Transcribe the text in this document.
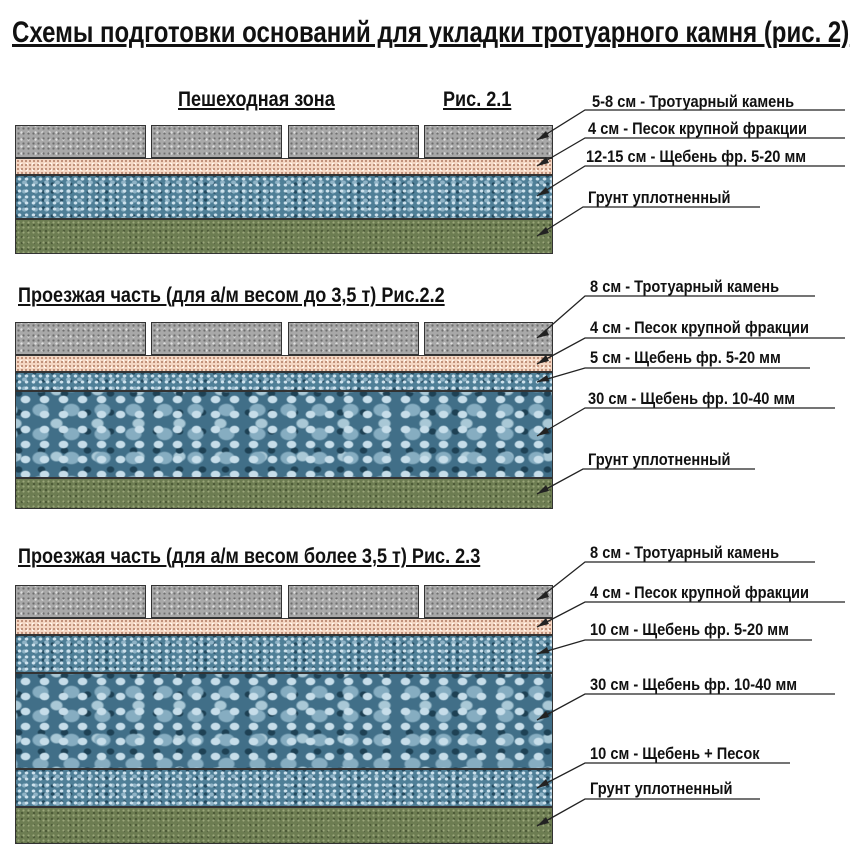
Схемы подготовки оснований для укладки тротуарного камня (рис. 2)
Пешеходная зона	Рис. 2.1	5-8 см - Тротуарный камень
4 см - Песок крупной фракции
12-15 см - Щебень фр. 5-20 мм
Грунт уплотненный
Проезжая часть (для а/м весом до 3,5 т) Рис.2.2	8 см - Тротуарный камень
4 см - Песок крупной фракции
5 см - Щебень фр. 5-20 мм
30 см - Щебень фр. 10-40 мм
Грунт уплотненный
Проезжая часть (для а/м весом более 3,5 т) Рис. 2.3	8 см - Тротуарный камень
4 см - Песок крупной фракции
10 см - Щебень фр. 5-20 мм
30 см - Щебень фр. 10-40 мм
10 см - Щебень + Песок
Грунт уплотненный
